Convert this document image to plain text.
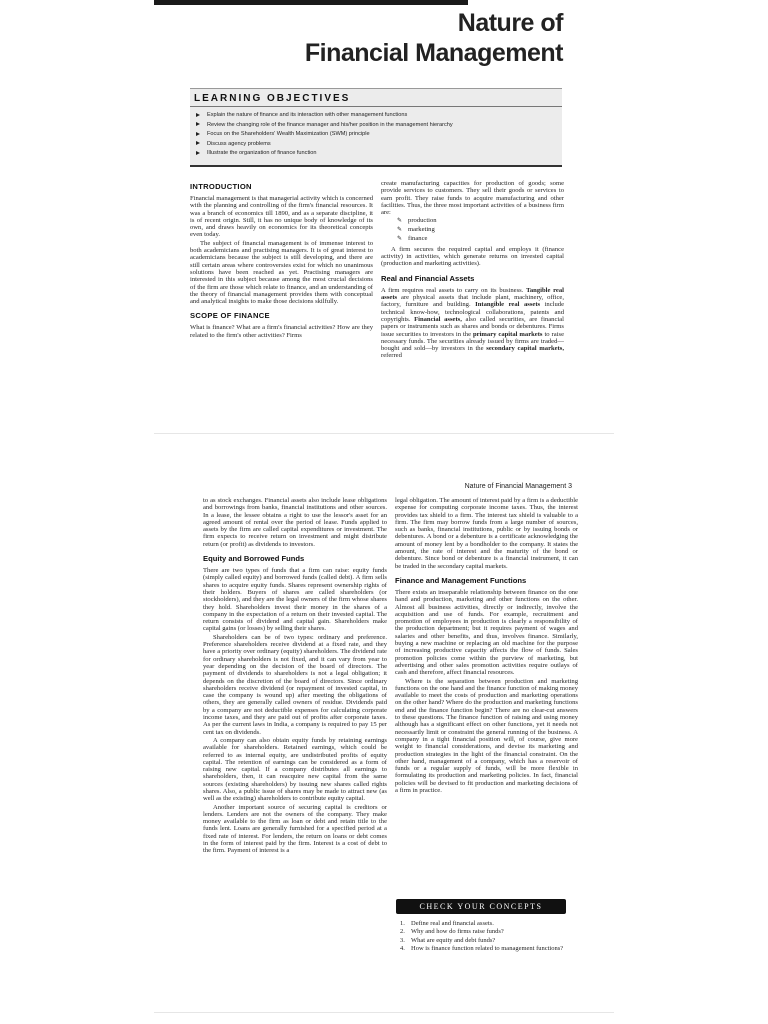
Nature of
Financial Management
LEARNING OBJECTIVES
Explain the nature of finance and its interaction with other management functions
Review the changing role of the finance manager and his/her position in the management hierarchy
Focus on the Shareholders' Wealth Maximization (SWM) principle
Discuss agency problems
Illustrate the organization of finance function
INTRODUCTION

Financial management is that managerial activity which is concerned with the planning and controlling of the firm's financial resources. It was a branch of economics till 1890, and as a separate discipline, it is of recent origin. Still, it has no unique body of knowledge of its own, and draws heavily on economics for its theoretical concepts even today.

The subject of financial management is of immense interest to both academicians and practising managers. It is of great interest to academicians because the subject is still developing, and there are still certain areas where controversies exist for which no unanimous solutions have been reached as yet. Practising managers are interested in this subject because among the most crucial decisions of the firm are those which relate to finance, and an understanding of the theory of financial management provides them with conceptual and analytical insights to make those decisions skilfully.

SCOPE OF FINANCE

What is finance? What are a firm's financial activities? How are they related to the firm's other activities? Firms

create manufacturing capacities for production of goods; some provide services to customers. They sell their goods or services to earn profit. They raise funds to acquire manufacturing and other facilities. Thus, the three most important activities of a business firm are:

✎ production
✎ marketing
✎ finance

A firm secures the required capital and employs it (finance activity) in activities, which generate returns on invested capital (production and marketing activities).

Real and Financial Assets

A firm requires real assets to carry on its business. Tangible real assets are physical assets that include plant, machinery, office, factory, furniture and building. Intangible real assets include technical know-how, technological collaborations, patents and copyrights. Financial assets, also called securities, are financial papers or instruments such as shares and bonds or debentures. Firms issue securities to investors in the primary capital markets to raise necessary funds. The securities already issued by firms are traded—bought and sold—by investors in the secondary capital markets, referred

Nature of Financial Management 3

to as stock exchanges. Financial assets also include lease obligations and borrowings from banks, financial institutions and other sources. In a lease, the lessee obtains a right to use the lessor's asset for an agreed amount of rental over the period of lease. Funds applied to assets by the firm are called capital expenditures or investment. The firm expects to receive return on investment and might distribute return (or profit) as dividends to investors.

Equity and Borrowed Funds

There are two types of funds that a firm can raise: equity funds (simply called equity) and borrowed funds (called debt). A firm sells shares to acquire equity funds. Shares represent ownership rights of their holders. Buyers of shares are called shareholders (or stockholders), and they are the legal owners of the firm whose shares they hold. Shareholders invest their money in the shares of a company in the expectation of a return on their invested capital. The return consists of dividend and capital gain. Shareholders make capital gains (or losses) by selling their shares.

Shareholders can be of two types: ordinary and preference. Preference shareholders receive dividend at a fixed rate, and they have a priority over ordinary (equity) shareholders. The dividend rate for ordinary shareholders is not fixed, and it can vary from year to year depending on the decision of the board of directors. The payment of dividends to shareholders is not a legal obligation; it depends on the discretion of the board of directors. Since ordinary shareholders receive dividend (or repayment of invested capital, in case the company is wound up) after meeting the obligations of others, they are generally called owners of residue. Dividends paid by a company are not deductible expenses for calculating corporate income taxes, and they are paid out of profits after corporate taxes. As per the current laws in India, a company is required to pay 15 per cent tax on dividends.

A company can also obtain equity funds by retaining earnings available for shareholders. Retained earnings, which could be referred to as internal equity, are undistributed profits of equity capital. The retention of earnings can be considered as a form of raising new capital. If a company distributes all earnings to shareholders, then, it can reacquire new capital from the same sources (existing shareholders) by issuing new shares called rights shares. Also, a public issue of shares may be made to attract new (as well as the existing) shareholders to contribute equity capital.

Another important source of securing capital is creditors or lenders. Lenders are not the owners of the company. They make money available to the firm as loan or debt and retain title to the funds lent. Loans are generally furnished for a specified period at a fixed rate of interest. For lenders, the return on loans or debt comes in the form of interest paid by the firm. Interest is a cost of debt to the firm. Payment of interest is a

legal obligation. The amount of interest paid by a firm is a deductible expense for computing corporate income taxes. Thus, the interest provides tax shield to a firm. The interest tax shield is valuable to a firm. The firm may borrow funds from a large number of sources, such as banks, financial institutions, public or by issuing bonds or debentures. A bond or a debenture is a certificate acknowledging the amount of money lent by a bondholder to the company. It states the amount, the rate of interest and the maturity of the bond or debenture. Since bond or debenture is a financial instrument, it can be traded in the secondary capital markets.

Finance and Management Functions

There exists an inseparable relationship between finance on the one hand and production, marketing and other functions on the other. Almost all business activities, directly or indirectly, involve the acquisition and use of funds. For example, recruitment and promotion of employees in production is clearly a responsibility of the production department; but it requires payment of wages and salaries and other benefits, and thus, involves finance. Similarly, buying a new machine or replacing an old machine for the purpose of increasing productive capacity affects the flow of funds. Sales promotion policies come within the purview of marketing, but advertising and other sales promotion activities require outlays of cash and therefore, affect financial resources.

Where is the separation between production and marketing functions on the one hand and the finance function of making money available to meet the costs of production and marketing operations on the other hand? Where do the production and marketing functions end and the finance function begin? There are no clear-cut answers to these questions. The finance function of raising and using money although has a significant effect on other functions, yet it needs not necessarily limit or constraint the general running of the business. A company in a tight financial position will, of course, give more weight to financial considerations, and devise its marketing and production strategies in the light of the financial constraint. On the other hand, management of a company, which has a reservoir of funds or a regular supply of funds, will be more flexible in formulating its production and marketing policies. In fact, financial policies will be devised to fit production and marketing decisions of a firm in practice.

CHECK YOUR CONCEPTS
1. Define real and financial assets.
2. Why and how do firms raise funds?
3. What are equity and debt funds?
4. How is finance function related to management functions?
